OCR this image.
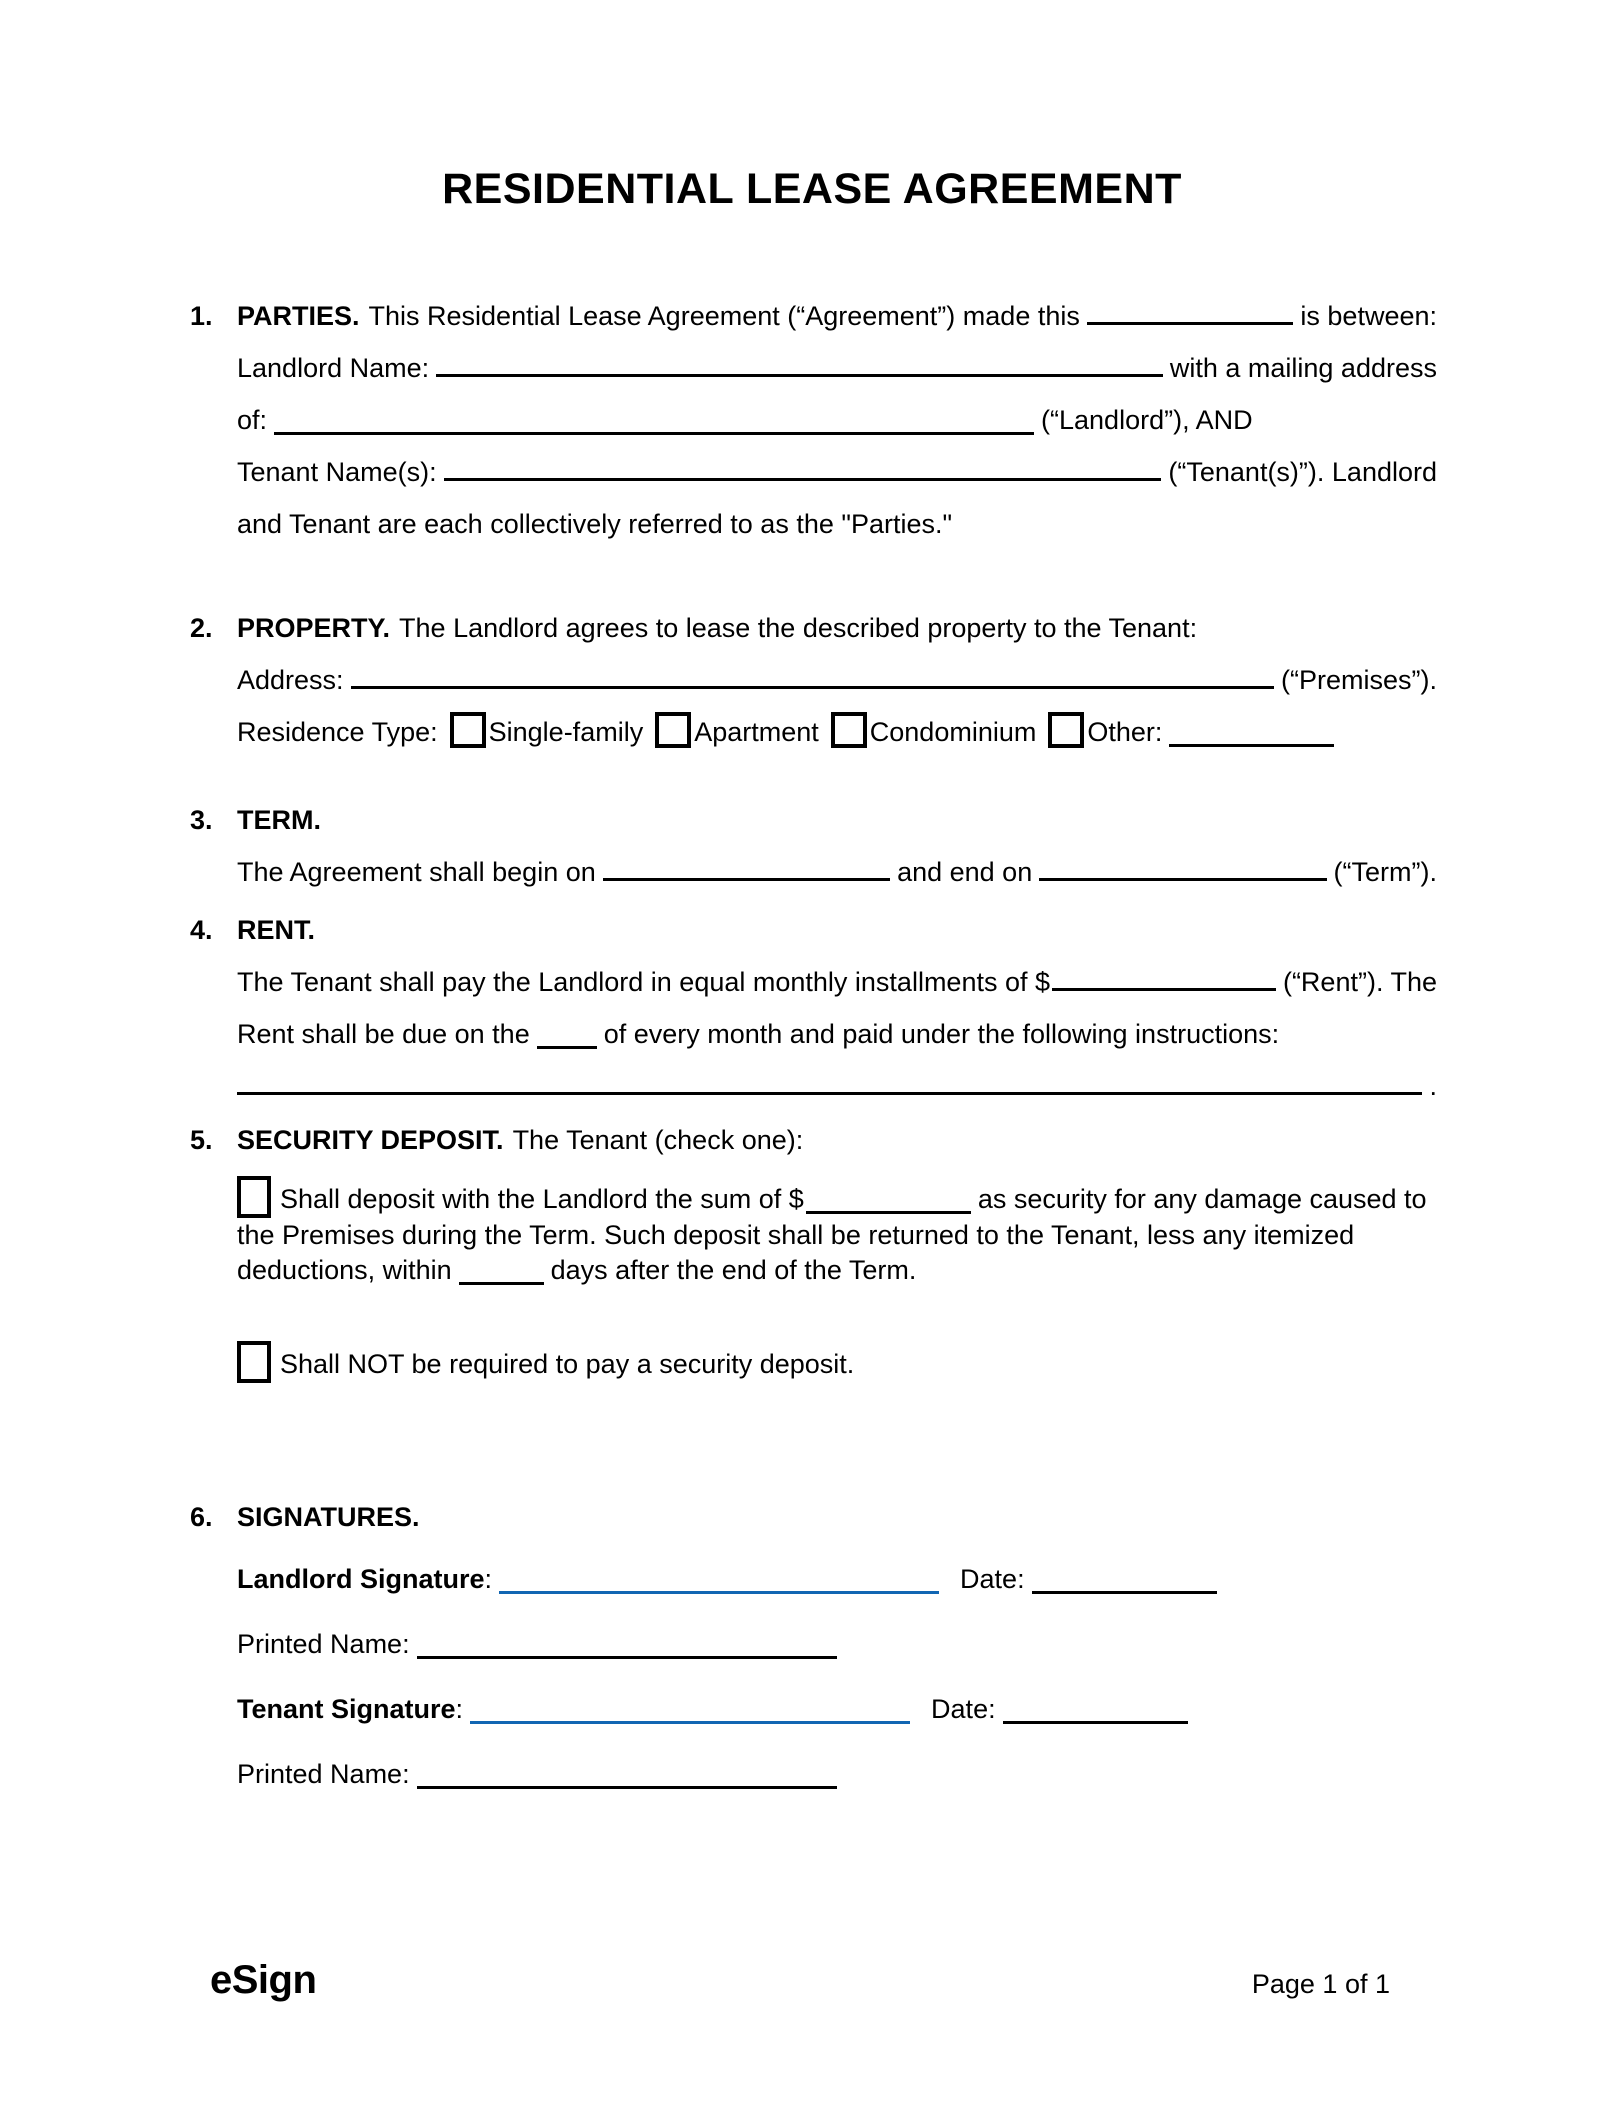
RESIDENTIAL LEASE AGREEMENT
1. PARTIES. This Residential Lease Agreement (“Agreement”) made this	is between:
Landlord Name:	with a mailing address
of:	(“Landlord”), AND
Tenant Name(s):	(“Tenant(s)”). Landlord
and Tenant are each collectively referred to as the "Parties."
2. PROPERTY. The Landlord agrees to lease the described property to the Tenant:
Address:	(“Premises”).
Residence Type: Single-family Apartment Condominium Other:
3. TERM.
The Agreement shall begin on	and end on	(“Term”).
4. RENT.
The Tenant shall pay the Landlord in equal monthly installments of $	(“Rent”). The
Rent shall be due on the	of every month and paid under the following instructions:
.
5. SECURITY DEPOSIT. The Tenant (check one):
Shall deposit with the Landlord the sum of $	as security for any damage caused to the Premises during the Term. Such deposit shall be returned to the Tenant, less any itemized deductions, within	days after the end of the Term.
Shall NOT be required to pay a security deposit.
6. SIGNATURES.
Landlord Signature:	Date:
Printed Name:
Tenant Signature:	Date:
Printed Name:
eSign	Page 1 of 1
